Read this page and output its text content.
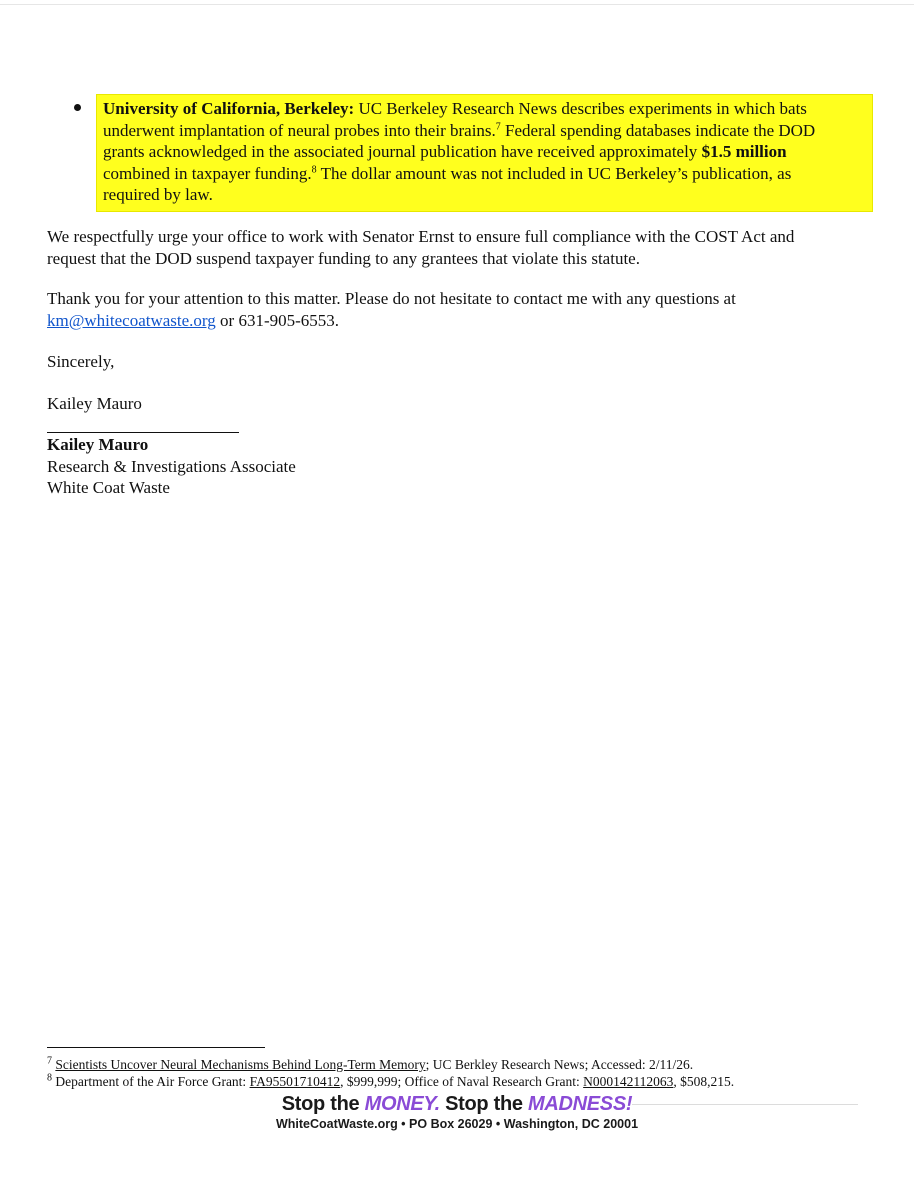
University of California, Berkeley: UC Berkeley Research News describes experiments in which bats
underwent implantation of neural probes into their brains.$^7$ Federal spending databases indicate the DOD
grants acknowledged in the associated journal publication have received approximately $1.5 million
combined in taxpayer funding.$^8$ The dollar amount was not included in UC Berkeley’s publication, as
required by law.

We respectfully urge your office to work with Senator Ernst to ensure full compliance with the COST Act and
request that the DOD suspend taxpayer funding to any grantees that violate this statute.

Thank you for your attention to this matter. Please do not hesitate to contact me with any questions at
km@whitecoatwaste.org or 631-905-6553.

Sincerely,

Kailey Mauro

Kailey Mauro
Research & Investigations Associate
White Coat Waste

$^7$ Scientists Uncover Neural Mechanisms Behind Long-Term Memory; UC Berkley Research News; Accessed: 2/11/26.
$^8$ Department of the Air Force Grant: FA95501710412, $999,999; Office of Naval Research Grant: N000142112063, $508,215.
Stop the MONEY. Stop the MADNESS!
WhiteCoatWaste.org • PO Box 26029 • Washington, DC 20001
